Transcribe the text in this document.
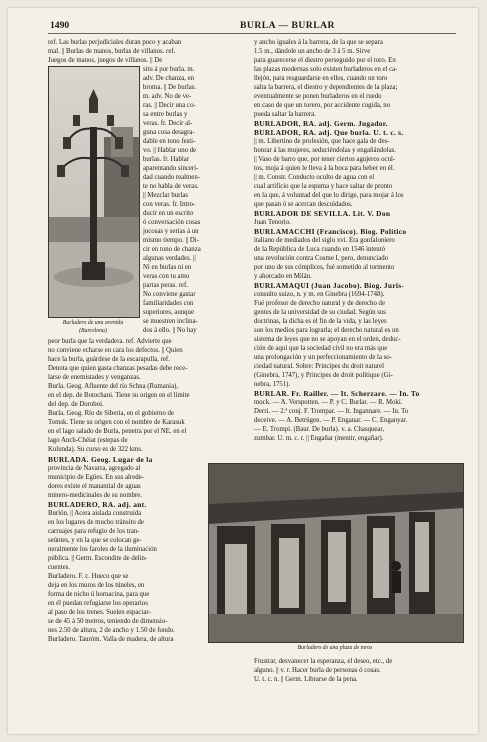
1490	BURLA — BURLAR

ref. Las burlas perjudiciales duran poco y acaban

mal. || Burlas de manos, burlas de villanos. ref.

Juegos de manos, juegos de villanos. || De

Burladero de una avenida
(Barcelona)

situ á por burla. m.

adv. De chanza, en

broma. || De burlas.

m. adv. No de ve-

ras. || Decir una co-

sa entre burlas y

veras. fr. Decir al-

guna cosa desagra-

dable en tono festi-

vo. || Hablar uno de

burlas. fr. Hablar

aparentando sinceri-

dad cuando realmen-

te no habla de veras.

|| Mezclar burlas

con veras. fr. Intro-

ducir en un escrito

ó conversación cosas

jocosas y serias á un

mismo tiempo. || Di-

cir en tono de chanza

algunas verdades. ||

Ni en burlas ni en

veras con tu amo

partas peras. ref.

No conviene gastar

familiaridades con

superiores, aunque

se muestren inclina-

dos á ello. || No hay

peor burla que la verdadera. ref. Advierte que

no conviene echarse en cara los defectos. || Quien

hace la burla, guárdese de la escarapulla. ref.

Denota que quien gasta chanzas pesadas debe rece-

larse de enemistades y venganzas.

Burla. Geog. Afluente del río Schna (Rumania),

en el dep. de Botochani. Tiene su origen en el límite

del dep. de Doroboi.

Burla. Geog. Río de Siberia, en el gobierno de

Tomsk. Tiene su origen con el nombre de Karasuk

en el lago salado de Burla, penetra por el NE. en el

lago Anch-Chéiat (estepas de

Kulunda). Su curso es de 322 kms.

BURLADA. Geog. Lugar de la

provincia de Navarra, agregado al

municipio de Egües. En sus alrede-

dores existe el manantial de aguas

minero-medicinales de su nombre.

BURLADERO, RA. adj. ant.

Burlón. || Acera aislada construida

en los lugares de mucho tránsito de

carruajes para refugio de los tran-

seúntes, y en la que se colocan ge-

neralmente los faroles de la iluminación

pública. || Germ. Escondite de delin-

cuentes.

Burladero. F. c. Hueco que se

deja en los muros de los túneles, en

forma de nicho ú hornacina, para que

en él puedan refugiarse los operarios

al paso de los trenes. Suelen espaciar-

se de 45 á 50 metros, teniendo de dimensio-

nes 2.50 de altura, 2 de ancho y 1.50 de fondo.

Burladero. Tauróm. Valla de madera, de altura

y ancho iguales á la barrera, de la que se separa

1.5 m., dándole un ancho de 3 á 5 m. Sirve

para guarecerse el diestro perseguido por el toro. En

las plazas modernas solo existen burladeros en el ca-

llejón, para resguardarse en ellos, cuando un toro

salta la barrera, el diestro y dependientes de la plaza;

eventualmente se ponen burladeros en el ruedo

en caso de que un torero, por accidente cogida, no

pueda saltar la barrera.

BURLADOR, RA. adj. Germ. Jugador.

BURLADOR, RA. adj. Que burla. U. t. c. s.

|| m. Libertino de profesión, que hace gala de des-

honrar á las mujeres, seduciéndolas y engañándolas.

|| Vaso de barro que, por tener ciertos agujeros ocul-

tos, moja á quien le lleva á la boca para beber en él.

|| m. Constr. Conducto oculto de agua con el

cual artificio que la espuma y hace saltar de pronto

en la que, á voluntad del que lo dirige, para mojar á los

que pasan ó se acercan descuidados.

BURLADOR DE SEVILLA. Lit. V. Don

Juan Tenorio.

BURLAMACCHI (Francisco). Biog. Político

italiano de mediados del siglo xvi. Era gonfaloniero

de la República de Luca cuando en 1546 intentó

una revolución contra Cosme I, pero, denunciado

por uno de sus cómplices, fué sometido al tormento

y ahorcado en Milán.

BURLAMAQUI (Juan Jacobo). Biog. Juris-

consulto suizo, n. y m. en Ginebra (1694-1748).

Fué profesor de derecho natural y de derecho de

gentes de la universidad de su ciudad. Según sus

doctrinas, la dicha es el fin de la vida, y las leyes

son los medios para lograrla; el derecho natural es un

sistema de leyes que no se apoyan en el orden, deduc-

ción de aquí que la sociedad civil no era más que

una prolongación y un perfeccionamiento de la so-

ciedad natural. Sobre: Principes du droit naturel

(Ginebra, 1747), y Principes de droit politique (Gi-

nebra, 1751).

BURLAR. Fr. Railler. — It. Scherzare. — In. To

mock. — A. Verspotten. — P. y C. Burlar. — R. Moki.

Derri. — 2.ª conj. F. Trompar. — It. Ingannare. — In. To

deceive. — A. Betrügen. — P. Enganar. — C. Enganyar.

— E. Trompi. (Baur. De burla). v. a. Chasquear,

zumbar. U. m. c. r. || Engañar (mentir, engañar).

Burladero de una plaza de toros

Frustrar, desvanecer la esperanza, el deseo, etc., de

alguno. || v. r. Hacer burla de personas ó cosas.

U. t. c. n. || Germ. Librarse de la pena.
